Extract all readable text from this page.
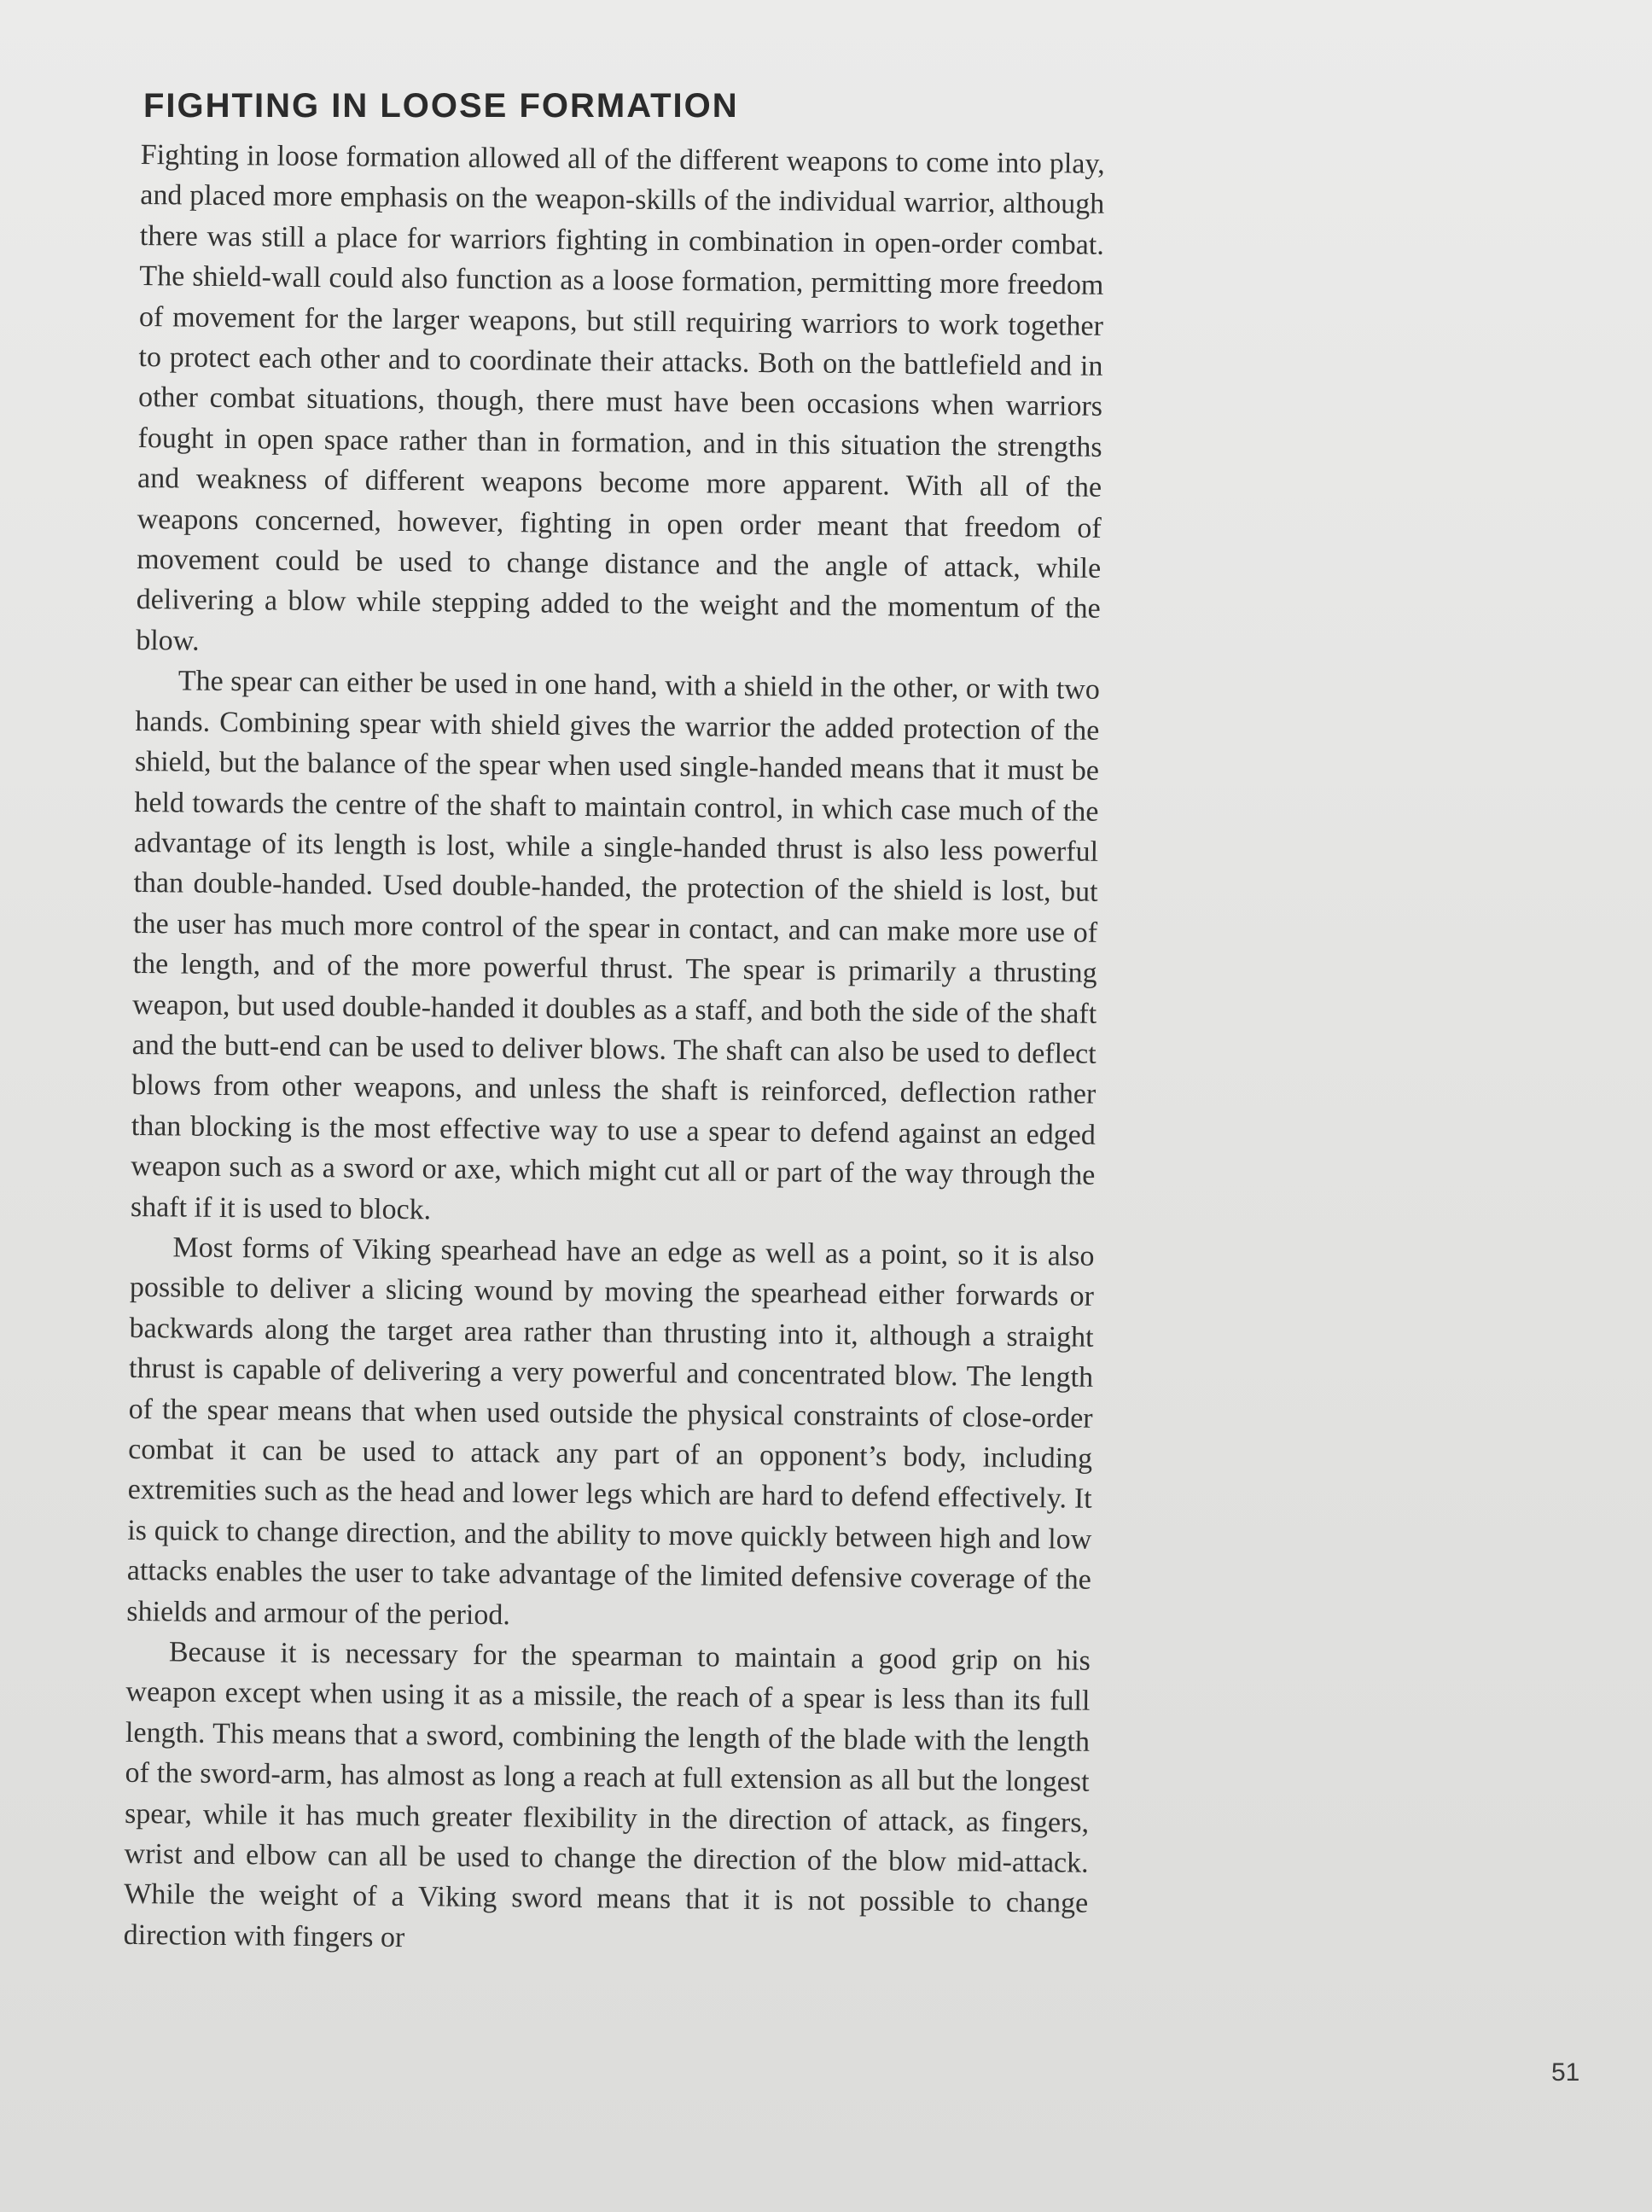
FIGHTING IN LOOSE FORMATION

Fighting in loose formation allowed all of the different weapons to come into play, and placed more emphasis on the weapon-skills of the individual warrior, although there was still a place for warriors fighting in combination in open-order combat. The shield-wall could also function as a loose formation, permitting more freedom of movement for the larger weapons, but still requiring warriors to work together to protect each other and to coordinate their attacks. Both on the battlefield and in other combat situations, though, there must have been occasions when warriors fought in open space rather than in formation, and in this situation the strengths and weakness of different weapons become more apparent. With all of the weapons concerned, however, fighting in open order meant that freedom of movement could be used to change distance and the angle of attack, while delivering a blow while stepping added to the weight and the momentum of the blow.

The spear can either be used in one hand, with a shield in the other, or with two hands. Combining spear with shield gives the warrior the added protection of the shield, but the balance of the spear when used single-handed means that it must be held towards the centre of the shaft to maintain control, in which case much of the advantage of its length is lost, while a single-handed thrust is also less powerful than double-handed. Used double-handed, the protection of the shield is lost, but the user has much more control of the spear in contact, and can make more use of the length, and of the more powerful thrust. The spear is primarily a thrusting weapon, but used double-handed it doubles as a staff, and both the side of the shaft and the butt-end can be used to deliver blows. The shaft can also be used to deflect blows from other weapons, and unless the shaft is reinforced, deflection rather than blocking is the most effective way to use a spear to defend against an edged weapon such as a sword or axe, which might cut all or part of the way through the shaft if it is used to block.

Most forms of Viking spearhead have an edge as well as a point, so it is also possible to deliver a slicing wound by moving the spearhead either forwards or backwards along the target area rather than thrusting into it, although a straight thrust is capable of delivering a very powerful and concentrated blow. The length of the spear means that when used outside the physical constraints of close-order combat it can be used to attack any part of an opponent’s body, including extremities such as the head and lower legs which are hard to defend effectively. It is quick to change direction, and the ability to move quickly between high and low attacks enables the user to take advantage of the limited defensive coverage of the shields and armour of the period.

Because it is necessary for the spearman to maintain a good grip on his weapon except when using it as a missile, the reach of a spear is less than its full length. This means that a sword, combining the length of the blade with the length of the sword-arm, has almost as long a reach at full extension as all but the longest spear, while it has much greater flexibility in the direction of attack, as fingers, wrist and elbow can all be used to change the direction of the blow mid-attack. While the weight of a Viking sword means that it is not possible to change direction with fingers or

51
